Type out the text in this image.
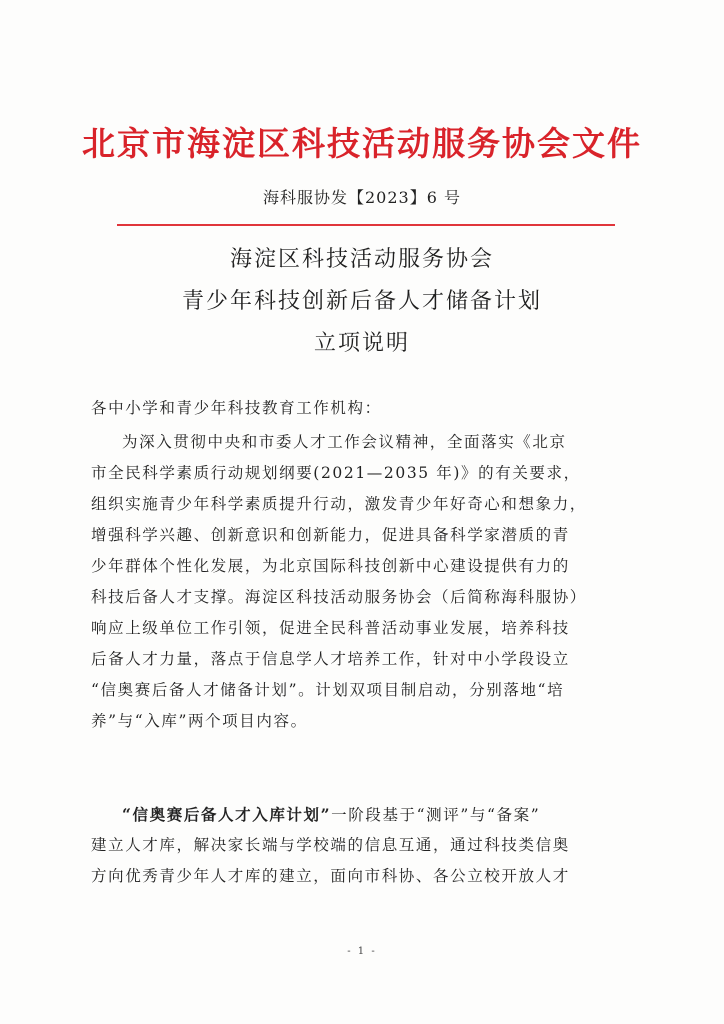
北京市海淀区科技活动服务协会文件
海科服协发【2023】6 号
海淀区科技活动服务协会
青少年科技创新后备人才储备计划
立项说明
各中小学和青少年科技教育工作机构：
为深入贯彻中央和市委人才工作会议精神，全面落实《北京
市全民科学素质行动规划纲要(2021—2035 年)》的有关要求，
组织实施青少年科学素质提升行动，激发青少年好奇心和想象力，
增强科学兴趣、创新意识和创新能力，促进具备科学家潜质的青
少年群体个性化发展，为北京国际科技创新中心建设提供有力的
科技后备人才支撑。海淀区科技活动服务协会（后简称海科服协）
响应上级单位工作引领，促进全民科普活动事业发展，培养科技
后备人才力量，落点于信息学人才培养工作，针对中小学段设立
“信奥赛后备人才储备计划”。计划双项目制启动，分别落地“培
养”与“入库”两个项目内容。
“信奥赛后备人才入库计划”一阶段基于“测评”与“备案”
建立人才库，解决家长端与学校端的信息互通，通过科技类信奥
方向优秀青少年人才库的建立，面向市科协、各公立校开放人才
- 1 -
